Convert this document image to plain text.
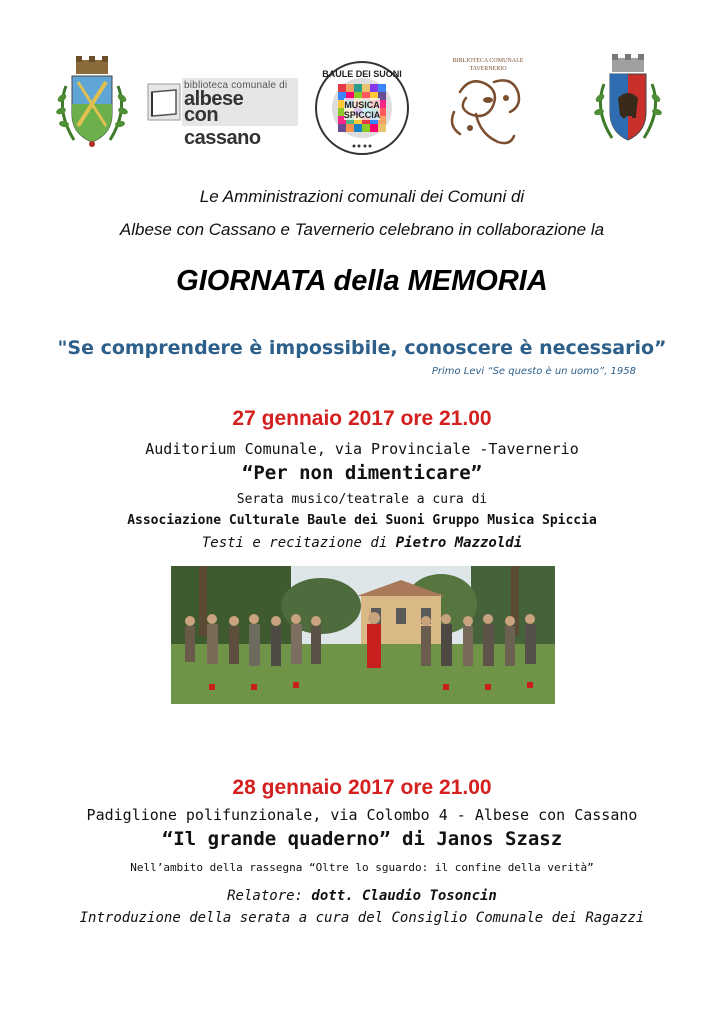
biblioteca comunale di
albese
con cassano
BAULE DEI SUONI
MUSICA
SPICCIA
BIBLIOTECA COMUNALE
TAVERNERIO
Le Amministrazioni comunali dei Comuni di
Albese con Cassano e Tavernerio celebrano in collaborazione la
GIORNATA della MEMORIA
"Se comprendere è impossibile, conoscere è necessario”
Primo Levi “Se questo è un uomo”, 1958
27 gennaio 2017 ore 21.00
Auditorium Comunale, via Provinciale -Tavernerio
“Per non dimenticare”
Serata musico/teatrale a cura di
Associazione Culturale Baule dei Suoni Gruppo Musica Spiccia
Testi e recitazione di Pietro Mazzoldi
28 gennaio 2017 ore 21.00
Padiglione polifunzionale, via Colombo 4 - Albese con Cassano
“Il grande quaderno” di Janos Szasz
Nell’ambito della rassegna “Oltre lo sguardo: il confine della verità”
Relatore: dott. Claudio Tosoncin
Introduzione della serata a cura del Consiglio Comunale dei Ragazzi
